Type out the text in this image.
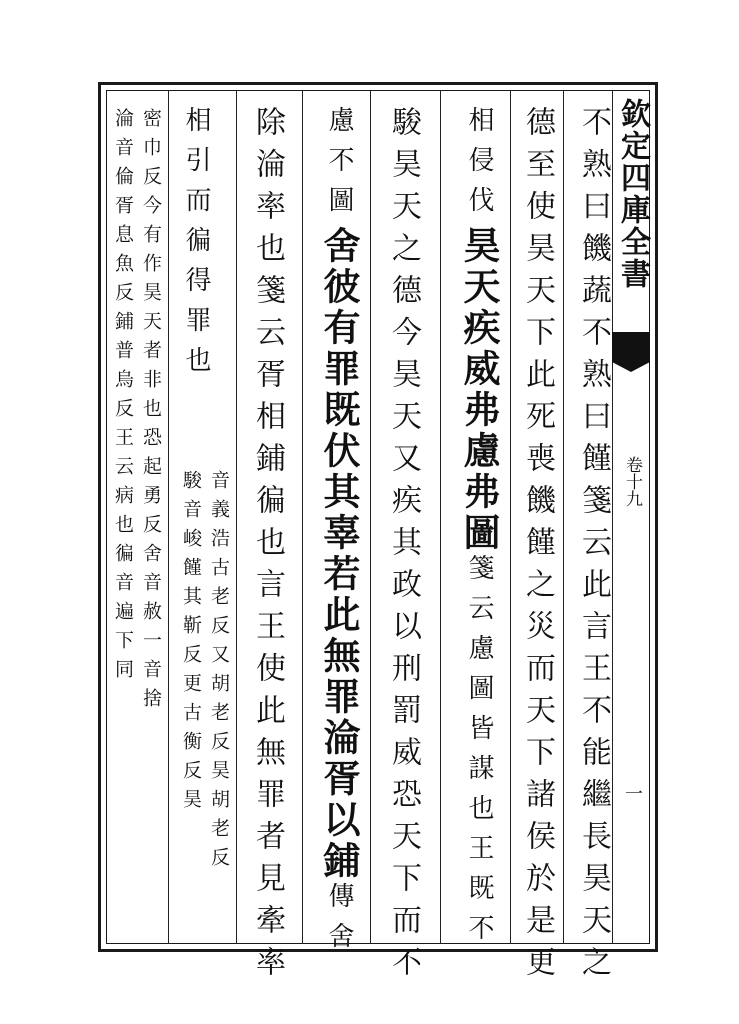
欽定四庫全書
卷十九
一
不熟曰饑蔬不熟曰饉箋云此言王不能繼長昊天之
德至使昊天下此死喪饑饉之災而天下諸侯於是更
相侵伐昊天疾威弗慮弗圖箋云慮圖皆謀也王既不
駿昊天之德今昊天又疾其政以刑罰威恐天下而不
慮不圖舍彼有罪既伏其辜若此無罪淪胥以鋪傳舍
除淪率也箋云胥相鋪徧也言王使此無罪者見牽率
相引而徧得罪也
音義浩古老反又胡老反昊胡老反
駿音峻饉其靳反更古衡反昊
密巾反今有作昊天者非也恐起勇反舍音赦一音捨
淪音倫胥息魚反鋪普烏反王云病也徧音遍下同
